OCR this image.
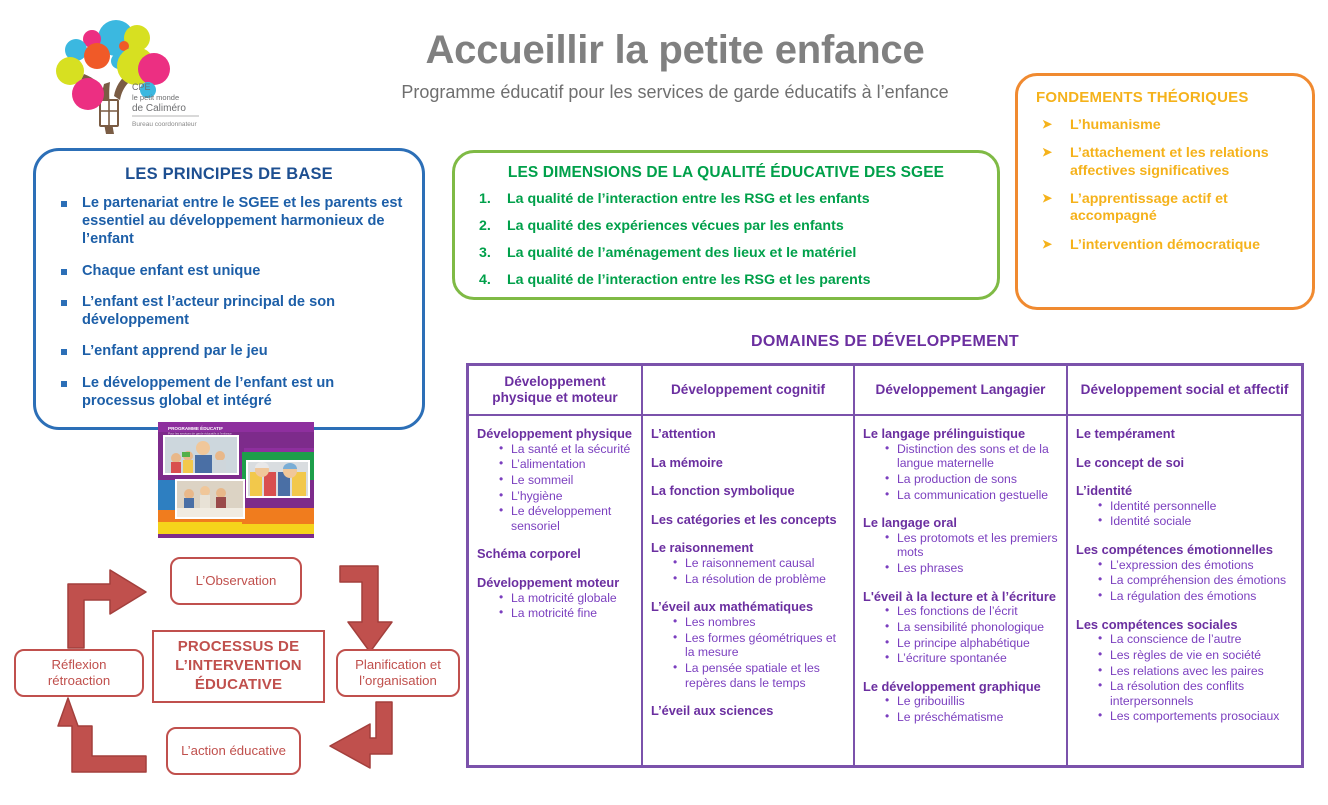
CPE
le petit monde
de Caliméro
Bureau coordonnateur
Accueillir la petite enfance

Programme éducatif pour les services de garde éducatifs à l’enfance

LES PRINCIPES DE BASE
Le partenariat entre le SGEE et les parents est essentiel au développement harmonieux de l’enfant
Chaque enfant est unique
L’enfant est l’acteur principal de son développement
L’enfant apprend par le jeu
Le développement de l’enfant est un processus global et intégré
LES DIMENSIONS DE LA QUALITÉ ÉDUCATIVE DES SGEE
La qualité de l’interaction entre les RSG et les enfants
La qualité des expériences vécues par les enfants
La qualité de l’aménagement des lieux et le matériel
La qualité de l’interaction entre les RSG et les parents
FONDEMENTS THÉORIQUES
➤ L’humanisme
➤ L’attachement et les relations affectives significatives
➤ L’apprentissage actif et accompagné
➤ L’intervention démocratique
PROGRAMME ÉDUCATIF
Pour les services de garde éducatifs à l’enfance
PROCESSUS DE L’INTERVENTION ÉDUCATIVE
L’Observation
Planification et l’organisation
L’action éducative
Réflexion rétroaction
DOMAINES DE DÉVELOPPEMENT
Développement physique et moteur
Développement physique
• La santé et la sécurité
• L’alimentation
• Le sommeil
• L’hygiène
• Le développement sensoriel
Schéma corporel
Développement moteur
• La motricité globale
• La motricité fine
Développement cognitif
L’attention
La mémoire
La fonction symbolique
Les catégories et les concepts
Le raisonnement
• Le raisonnement causal
• La résolution de problème
L’éveil aux mathématiques
• Les nombres
• Les formes géométriques et la mesure
• La pensée spatiale et les repères dans le temps
L’éveil aux sciences
Développement Langagier
Le langage prélinguistique
• Distinction des sons et de la langue maternelle
• La production de sons
• La communication gestuelle
Le langage oral
• Les protomots et les premiers mots
• Les phrases
L'éveil à la lecture et à l’écriture
• Les fonctions de l’écrit
• La sensibilité phonologique
• Le principe alphabétique
• L’écriture spontanée
Le développement graphique
• Le gribouillis
• Le préschématisme
Développement social et affectif
Le tempérament
Le concept de soi
L’identité
• Identité personnelle
• Identité sociale
Les compétences émotionnelles
• L’expression des émotions
• La compréhension des émotions
• La régulation des émotions
Les compétences sociales
• La conscience de l’autre
• Les règles de vie en société
• Les relations avec les paires
• La résolution des conflits interpersonnels
• Les comportements prosociaux
